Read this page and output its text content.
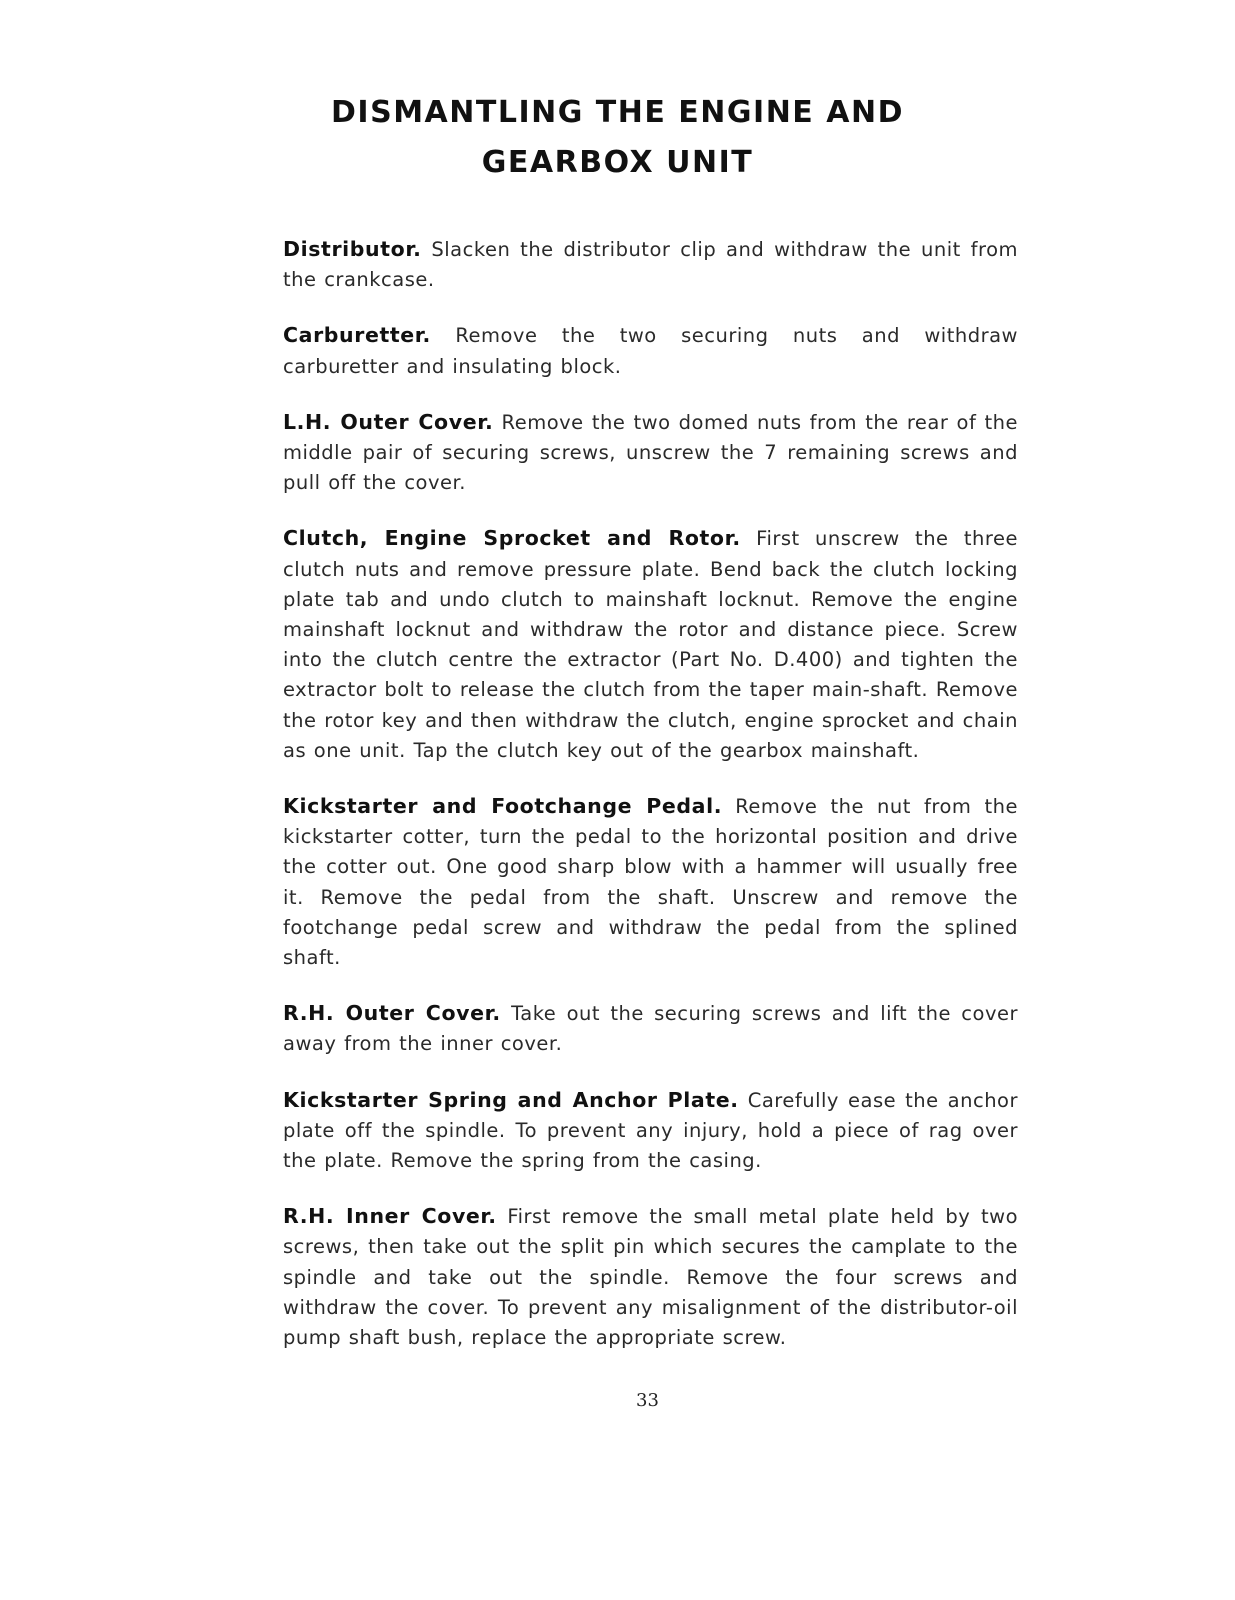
DISMANTLING THE ENGINE AND
GEARBOX UNIT

Distributor. Slacken the distributor clip and withdraw the unit from the crankcase.

Carburetter. Remove the two securing nuts and withdraw carburetter and insulating block.

L.H. Outer Cover. Remove the two domed nuts from the rear of the middle pair of securing screws, unscrew the 7 remaining screws and pull off the cover.

Clutch, Engine Sprocket and Rotor. First unscrew the three clutch nuts and remove pressure plate. Bend back the clutch locking plate tab and undo clutch to mainshaft locknut. Remove the engine mainshaft locknut and withdraw the rotor and distance piece. Screw into the clutch centre the extractor (Part No. D.400) and tighten the extractor bolt to release the clutch from the taper main-shaft. Remove the rotor key and then withdraw the clutch, engine sprocket and chain as one unit. Tap the clutch key out of the gearbox mainshaft.

Kickstarter and Footchange Pedal. Remove the nut from the kickstarter cotter, turn the pedal to the horizontal position and drive the cotter out. One good sharp blow with a hammer will usually free it. Remove the pedal from the shaft. Unscrew and remove the footchange pedal screw and withdraw the pedal from the splined shaft.

R.H. Outer Cover. Take out the securing screws and lift the cover away from the inner cover.

Kickstarter Spring and Anchor Plate. Carefully ease the anchor plate off the spindle. To prevent any injury, hold a piece of rag over the plate. Remove the spring from the casing.

R.H. Inner Cover. First remove the small metal plate held by two screws, then take out the split pin which secures the camplate to the spindle and take out the spindle. Remove the four screws and withdraw the cover. To prevent any misalignment of the distributor-oil pump shaft bush, replace the appropriate screw.

33
